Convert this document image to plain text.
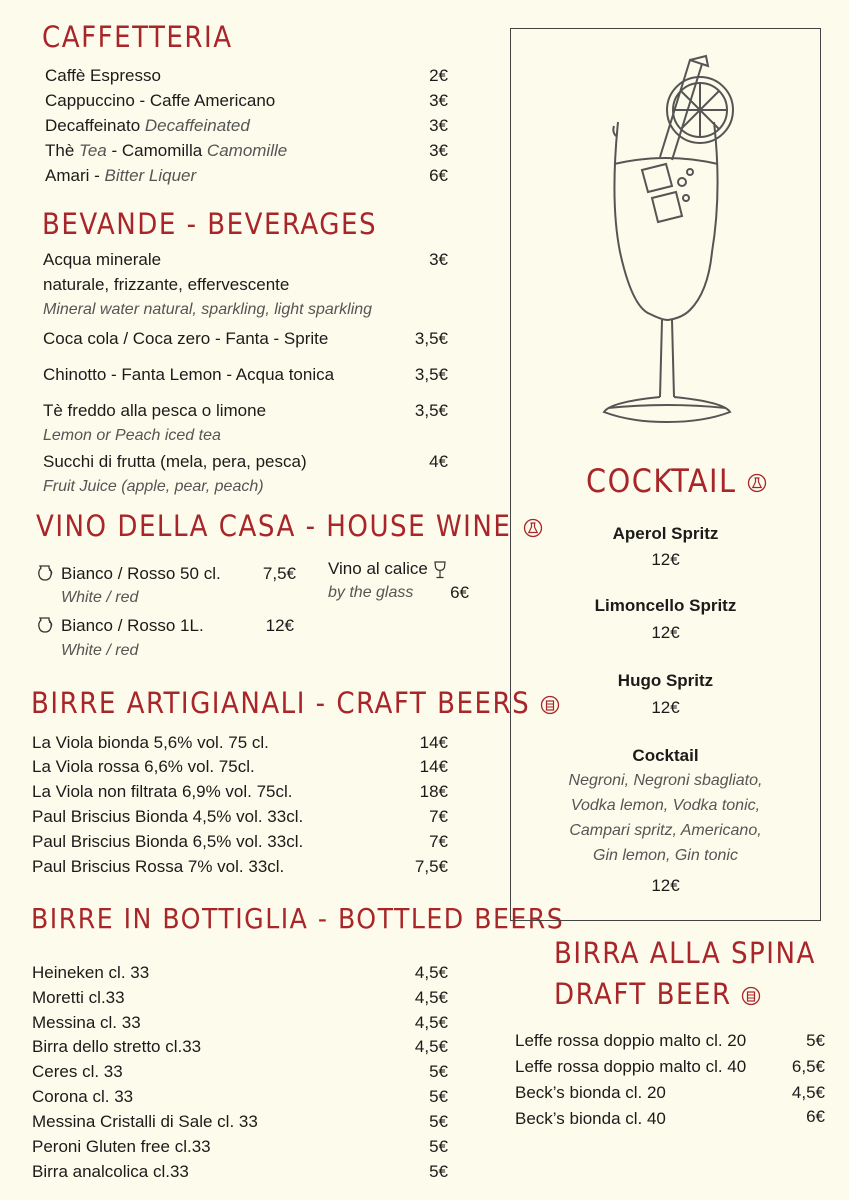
CAFFETTERIA
Caffè Espresso	2€
Cappuccino - Caffe Americano	3€
Decaffeinato Decaffeinated	3€
Thè Tea - Camomilla Camomille	3€
Amari - Bitter Liquer	6€
BEVANDE - BEVERAGES
Acqua minerale	3€
naturale, frizzante, effervescente
Mineral water natural, sparkling, light sparkling
Coca cola / Coca zero - Fanta - Sprite	3,5€
Chinotto - Fanta Lemon - Acqua tonica	3,5€
Tè freddo alla pesca o limone	3,5€
Lemon or Peach iced tea
Succhi di frutta (mela, pera, pesca)	4€
Fruit Juice (apple, pear, peach)
VINO DELLA CASA - HOUSE WINE
Bianco / Rosso 50 cl. 7,5€
White / red
Bianco / Rosso 1L.	12€
White / red
Vino al calice
by the glass 6€
BIRRE ARTIGIANALI - CRAFT BEERS
La Viola bionda 5,6% vol. 75 cl.	14€
La Viola rossa 6,6% vol. 75cl.	14€
La Viola non filtrata 6,9% vol. 75cl.	18€
Paul Briscius Bionda 4,5% vol. 33cl.	7€
Paul Briscius Bionda 6,5% vol. 33cl.	7€
Paul Briscius Rossa 7% vol. 33cl.	7,5€
BIRRE IN BOTTIGLIA - BOTTLED BEERS
Heineken cl. 33	4,5€
Moretti cl.33	4,5€
Messina cl. 33	4,5€
Birra dello stretto cl.33	4,5€
Ceres cl. 33	5€
Corona cl. 33	5€
Messina Cristalli di Sale cl. 33	5€
Peroni Gluten free cl.33	5€
Birra analcolica cl.33	5€
COCKTAIL
Aperol Spritz
12€
Limoncello Spritz
12€
Hugo Spritz
12€
Cocktail
Negroni, Negroni sbagliato,
Vodka lemon, Vodka tonic,
Campari spritz, Americano,
Gin lemon, Gin tonic
12€
BIRRA ALLA SPINA
DRAFT BEER
Leffe rossa doppio malto cl. 20	5€
Leffe rossa doppio malto cl. 40	6,5€
Beck’s bionda cl. 20	4,5€
Beck’s bionda cl. 40	6€
